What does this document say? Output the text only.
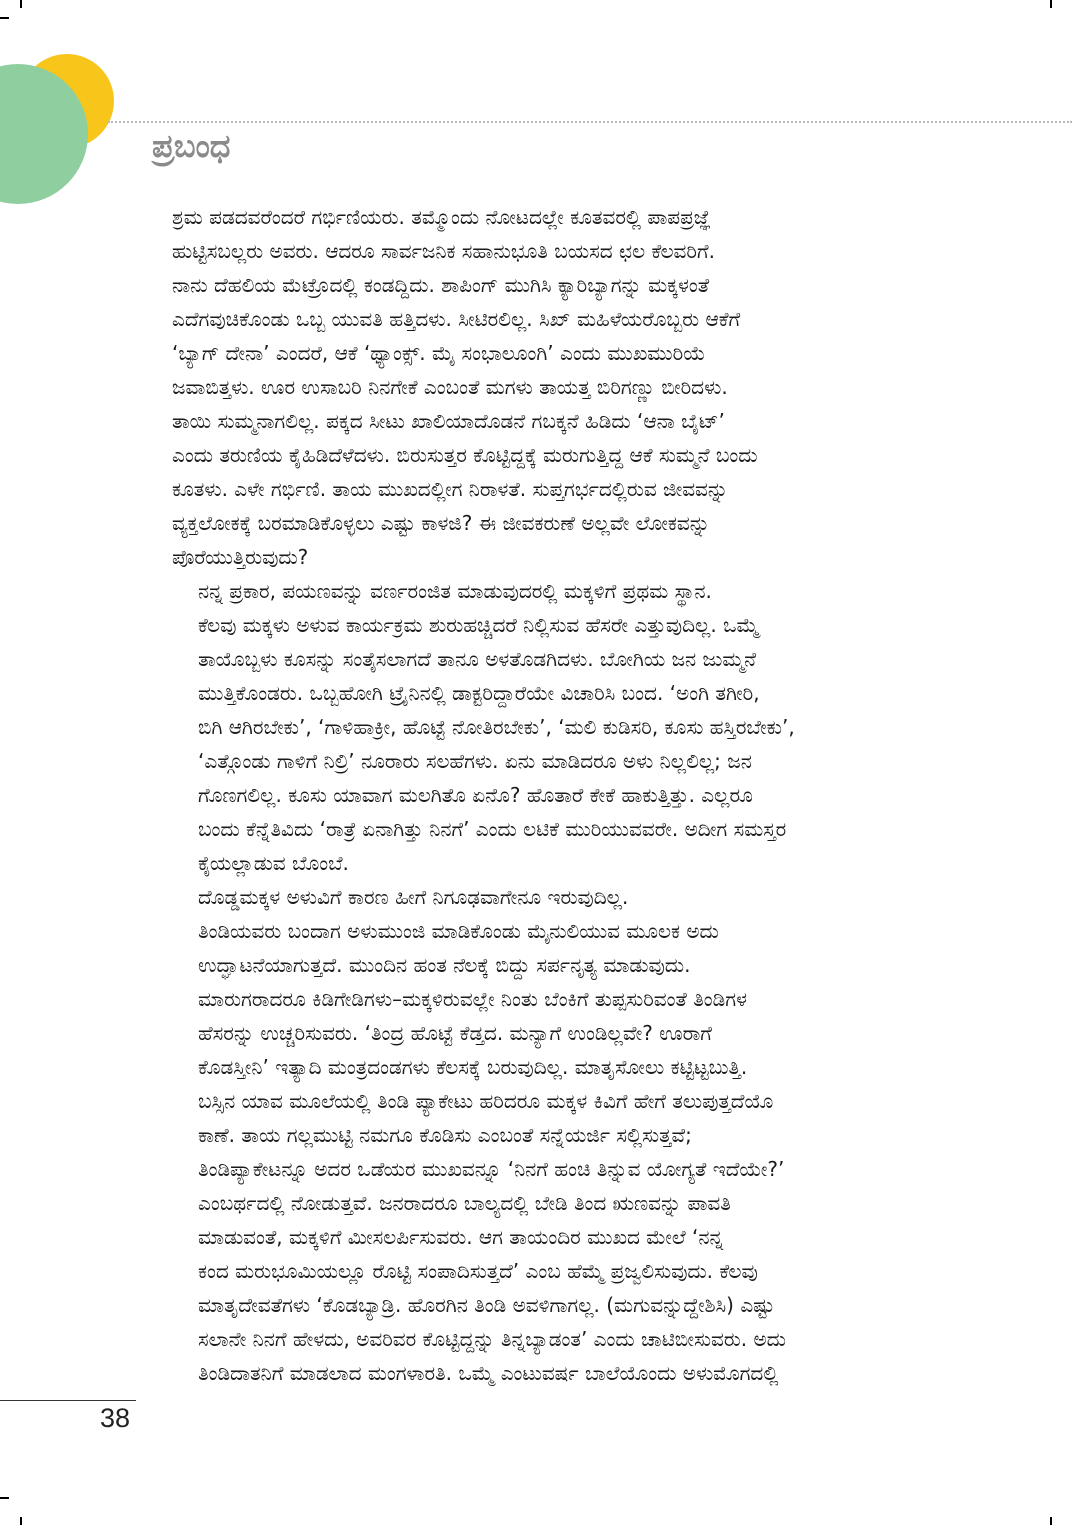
ಪ್ರಬಂಧ

ಶ್ರಮ ಪಡದವರೆಂದರೆ ಗರ್ಭಿಣಿಯರು. ತಮ್ಮೊಂದು ನೋಟದಲ್ಲೇ ಕೂತವರಲ್ಲಿ ಪಾಪಪ್ರಜ್ಞೆ
ಹುಟ್ಟಿಸಬಲ್ಲರು ಅವರು. ಆದರೂ ಸಾರ್ವಜನಿಕ ಸಹಾನುಭೂತಿ ಬಯಸದ ಛಲ ಕೆಲವರಿಗೆ.
ನಾನು ದೆಹಲಿಯ ಮೆಟ್ರೊದಲ್ಲಿ ಕಂಡದ್ದಿದು. ಶಾಪಿಂಗ್ ಮುಗಿಸಿ ಕ್ಯಾರಿಬ್ಯಾಗನ್ನು ಮಕ್ಕಳಂತೆ
ಎದೆಗವುಚಿಕೊಂಡು ಒಬ್ಬ ಯುವತಿ ಹತ್ತಿದಳು. ಸೀಟಿರಲಿಲ್ಲ. ಸಿಖ್ ಮಹಿಳೆಯರೊಬ್ಬರು ಆಕೆಗೆ
‘ಬ್ಯಾಗ್ ದೇನಾ’ ಎಂದರೆ, ಆಕೆ ‘ಥ್ಯಾಂಕ್ಸ್. ಮೈ ಸಂಭಾಲೂಂಗಿ’ ಎಂದು ಮುಖಮುರಿಯೆ
ಜವಾಬಿತ್ತಳು. ಊರ ಉಸಾಬರಿ ನಿನಗೇಕೆ ಎಂಬಂತೆ ಮಗಳು ತಾಯತ್ತ ಬಿರಿಗಣ್ಣು ಬೀರಿದಳು.
ತಾಯಿ ಸುಮ್ಮನಾಗಲಿಲ್ಲ. ಪಕ್ಕದ ಸೀಟು ಖಾಲಿಯಾದೊಡನೆ ಗಬಕ್ಕನೆ ಹಿಡಿದು ‘ಆನಾ ಬೈಟ್’
ಎಂದು ತರುಣಿಯ ಕೈಹಿಡಿದೆಳೆದಳು. ಬಿರುಸುತ್ತರ ಕೊಟ್ಟಿದ್ದಕ್ಕೆ ಮರುಗುತ್ತಿದ್ದ ಆಕೆ ಸುಮ್ಮನೆ ಬಂದು
ಕೂತಳು. ಎಳೇ ಗರ್ಭಿಣಿ. ತಾಯ ಮುಖದಲ್ಲೀಗ ನಿರಾಳತೆ. ಸುಪ್ತಗರ್ಭದಲ್ಲಿರುವ ಜೀವವನ್ನು
ವ್ಯಕ್ತಲೋಕಕ್ಕೆ ಬರಮಾಡಿಕೊಳ್ಳಲು ಎಷ್ಟು ಕಾಳಜಿ? ಈ ಜೀವಕರುಣೆ ಅಲ್ಲವೇ ಲೋಕವನ್ನು
ಪೊರೆಯುತ್ತಿರುವುದು?

ನನ್ನ ಪ್ರಕಾರ, ಪಯಣವನ್ನು ವರ್ಣರಂಜಿತ ಮಾಡುವುದರಲ್ಲಿ ಮಕ್ಕಳಿಗೆ ಪ್ರಥಮ ಸ್ಥಾನ.
ಕೆಲವು ಮಕ್ಕಳು ಅಳುವ ಕಾರ್ಯಕ್ರಮ ಶುರುಹಚ್ಚಿದರೆ ನಿಲ್ಲಿಸುವ ಹೆಸರೇ ಎತ್ತುವುದಿಲ್ಲ. ಒಮ್ಮೆ
ತಾಯೊಬ್ಬಳು ಕೂಸನ್ನು ಸಂತೈಸಲಾಗದೆ ತಾನೂ ಅಳತೊಡಗಿದಳು. ಬೋಗಿಯ ಜನ ಜುಮ್ಮನೆ
ಮುತ್ತಿಕೊಂಡರು. ಒಬ್ಬಹೋಗಿ ಟ್ರೈನಿನಲ್ಲಿ ಡಾಕ್ಟರಿದ್ದಾರೆಯೇ ವಿಚಾರಿಸಿ ಬಂದ. ‘ಅಂಗಿ ತಗೀರಿ,
ಬಿಗಿ ಆಗಿರಬೇಕು’, ‘ಗಾಳಿಹಾಕ್ರೀ, ಹೊಟ್ಟೆ ನೋತಿರಬೇಕು’, ‘ಮಲಿ ಕುಡಿಸರಿ, ಕೂಸು ಹಸ್ತಿರಬೇಕು’,
‘ಎತ್ಗೊಂಡು ಗಾಳಿಗೆ ನಿಲ್ರಿ’ ನೂರಾರು ಸಲಹೆಗಳು. ಏನು ಮಾಡಿದರೂ ಅಳು ನಿಲ್ಲಲಿಲ್ಲ; ಜನ
ಗೊಣಗಲಿಲ್ಲ. ಕೂಸು ಯಾವಾಗ ಮಲಗಿತೊ ಏನೊ? ಹೊತಾರೆ ಕೇಕೆ ಹಾಕುತ್ತಿತ್ತು. ಎಲ್ಲರೂ
ಬಂದು ಕೆನ್ನೆತಿವಿದು ‘ರಾತ್ರೆ ಏನಾಗಿತ್ತು ನಿನಗೆ’ ಎಂದು ಲಟಿಕೆ ಮುರಿಯುವವರೇ. ಅದೀಗ ಸಮಸ್ತರ
ಕೈಯಲ್ಲಾಡುವ ಬೊಂಬೆ.

ದೊಡ್ಡಮಕ್ಕಳ ಅಳುವಿಗೆ ಕಾರಣ ಹೀಗೆ ನಿಗೂಢವಾಗೇನೂ ಇರುವುದಿಲ್ಲ.
ತಿಂಡಿಯವರು ಬಂದಾಗ ಅಳುಮುಂಜಿ ಮಾಡಿಕೊಂಡು ಮೈನುಲಿಯುವ ಮೂಲಕ ಅದು
ಉದ್ಘಾಟನೆಯಾಗುತ್ತದೆ. ಮುಂದಿನ ಹಂತ ನೆಲಕ್ಕೆ ಬಿದ್ದು ಸರ್ಪನೃತ್ಯ ಮಾಡುವುದು.
ಮಾರುಗರಾದರೂ ಕಿಡಿಗೇಡಿಗಳು–ಮಕ್ಕಳಿರುವಲ್ಲೇ ನಿಂತು ಬೆಂಕಿಗೆ ತುಪ್ಪಸುರಿವಂತೆ ತಿಂಡಿಗಳ
ಹೆಸರನ್ನು ಉಚ್ಚರಿಸುವರು. ‘ತಿಂದ್ರ ಹೊಟ್ಟೆ ಕೆಡ್ತದ. ಮನ್ಯಾಗೆ ಉಂಡಿಲ್ಲವೇ? ಊರಾಗೆ
ಕೊಡಸ್ತೀನಿ’ ಇತ್ಯಾದಿ ಮಂತ್ರದಂಡಗಳು ಕೆಲಸಕ್ಕೆ ಬರುವುದಿಲ್ಲ. ಮಾತೃಸೋಲು ಕಟ್ಟಿಟ್ಟಬುತ್ತಿ.
ಬಸ್ಸಿನ ಯಾವ ಮೂಲೆಯಲ್ಲಿ ತಿಂಡಿ ಪ್ಯಾಕೇಟು ಹರಿದರೂ ಮಕ್ಕಳ ಕಿವಿಗೆ ಹೇಗೆ ತಲುಪುತ್ತದೆಯೊ
ಕಾಣೆ. ತಾಯ ಗಲ್ಲಮುಟ್ಟಿ ನಮಗೂ ಕೊಡಿಸು ಎಂಬಂತೆ ಸನ್ನೆಯರ್ಜಿ ಸಲ್ಲಿಸುತ್ತವೆ;
ತಿಂಡಿಪ್ಯಾಕೇಟನ್ನೂ ಅದರ ಒಡೆಯರ ಮುಖವನ್ನೂ ‘ನಿನಗೆ ಹಂಚಿ ತಿನ್ನುವ ಯೋಗ್ಯತೆ ಇದೆಯೇ?’
ಎಂಬರ್ಥದಲ್ಲಿ ನೋಡುತ್ತವೆ. ಜನರಾದರೂ ಬಾಲ್ಯದಲ್ಲಿ ಬೇಡಿ ತಿಂದ ಋಣವನ್ನು ಪಾವತಿ
ಮಾಡುವಂತೆ, ಮಕ್ಕಳಿಗೆ ಮೀಸಲರ್ಪಿಸುವರು. ಆಗ ತಾಯಂದಿರ ಮುಖದ ಮೇಲೆ ‘ನನ್ನ
ಕಂದ ಮರುಭೂಮಿಯಲ್ಲೂ ರೊಟ್ಟಿ ಸಂಪಾದಿಸುತ್ತದೆ’ ಎಂಬ ಹೆಮ್ಮೆ ಪ್ರಜ್ವಲಿಸುವುದು. ಕೆಲವು
ಮಾತೃದೇವತೆಗಳು ‘ಕೊಡಬ್ಯಾಡ್ರಿ. ಹೊರಗಿನ ತಿಂಡಿ ಅವಳಿಗಾಗಲ್ಲ. (ಮಗುವನ್ನುದ್ದೇಶಿಸಿ) ಎಷ್ಟು
ಸಲಾನೇ ನಿನಗೆ ಹೇಳದು, ಅವರಿವರ ಕೊಟ್ಟಿದ್ದನ್ನು ತಿನ್ನಬ್ಯಾಡಂತ’ ಎಂದು ಚಾಟಿಬೀಸುವರು. ಅದು
ತಿಂಡಿದಾತನಿಗೆ ಮಾಡಲಾದ ಮಂಗಳಾರತಿ. ಒಮ್ಮೆ ಎಂಟುವರ್ಷ ಬಾಲೆಯೊಂದು ಅಳುಮೊಗದಲ್ಲಿ

38
